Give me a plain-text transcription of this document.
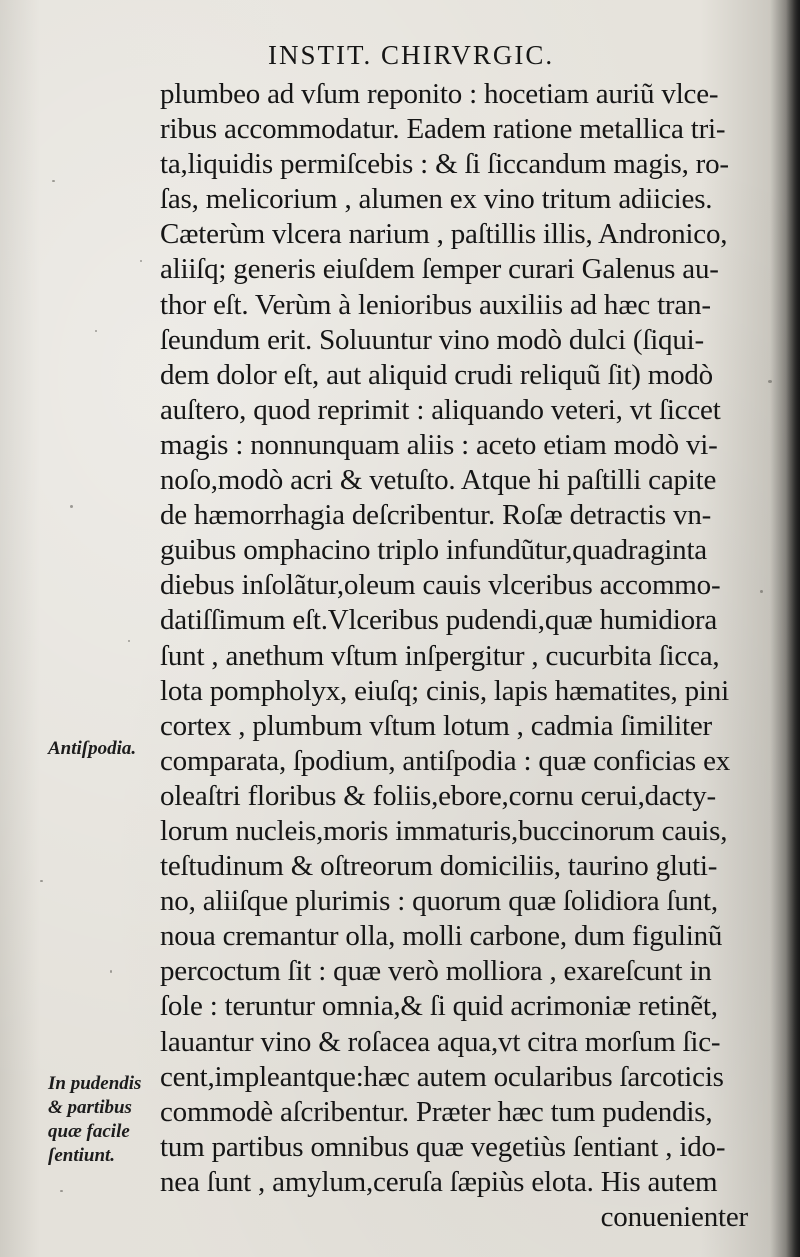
INSTIT. CHIRVRGIC.
plumbeo ad vſum reponito : hocetiam auriũ vlce-
ribus accommodatur. Eadem ratione metallica tri-
ta,liquidis permiſcebis : & ſi ſiccandum magis, ro-
ſas, melicorium , alumen ex vino tritum adiicies.
Cæterùm vlcera narium , paſtillis illis, Andronico,
aliiſq; generis eiuſdem ſemper curari Galenus au-
thor eſt. Verùm à lenioribus auxiliis ad hæc tran-
ſeundum erit. Soluuntur vino modò dulci (ſiqui-
dem dolor eſt, aut aliquid crudi reliquũ ſit) modò
auſtero, quod reprimit : aliquando veteri, vt ſiccet
magis : nonnunquam aliis : aceto etiam modò vi-
noſo,modò acri & vetuſto. Atque hi paſtilli capite
de hæmorrhagia deſcribentur. Roſæ detractis vn-
guibus omphacino triplo infundũtur,quadraginta
diebus inſolãtur,oleum cauis vlceribus accommo-
datiſſimum eſt.Vlceribus pudendi,quæ humidiora
ſunt , anethum vſtum inſpergitur , cucurbita ſicca,
lota pompholyx, eiuſq; cinis, lapis hæmatites, pini
cortex , plumbum vſtum lotum , cadmia ſimiliter
comparata, ſpodium, antiſpodia : quæ conficias ex
oleaſtri floribus & foliis,ebore,cornu cerui,dacty-
lorum nucleis,moris immaturis,buccinorum cauis,
teſtudinum & oſtreorum domiciliis, taurino gluti-
no, aliiſque plurimis : quorum quæ ſolidiora ſunt,
noua cremantur olla, molli carbone, dum figulinũ
percoctum ſit : quæ verò molliora , exareſcunt in
ſole : teruntur omnia,& ſi quid acrimoniæ retinẽt,
lauantur vino & roſacea aqua,vt citra morſum ſic-
cent,impleantque:hæc autem ocularibus ſarcoticis
commodè aſcribentur. Præter hæc tum pudendis,
tum partibus omnibus quæ vegetiùs ſentiant , ido-
nea ſunt , amylum,ceruſa ſæpiùs elota. His autem
conuenienter
Antiſpodia.
In pudendis
& partibus
quæ facile
ſentiunt.
